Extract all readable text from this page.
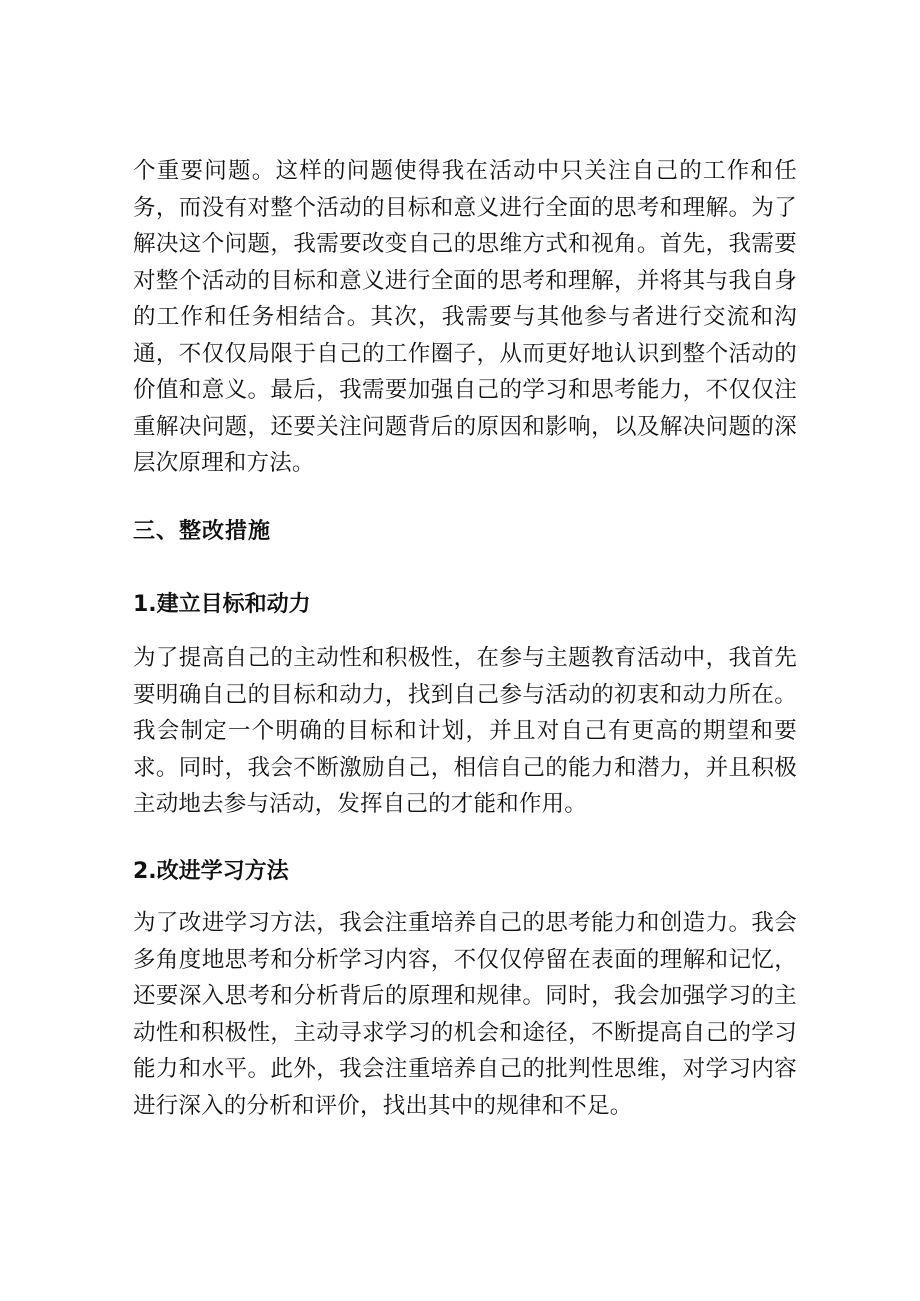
个重要问题。这样的问题使得我在活动中只关注自己的工作和任务，而没有对整个活动的目标和意义进行全面的思考和理解。为了解决这个问题，我需要改变自己的思维方式和视角。首先，我需要对整个活动的目标和意义进行全面的思考和理解，并将其与我自身的工作和任务相结合。其次，我需要与其他参与者进行交流和沟通，不仅仅局限于自己的工作圈子，从而更好地认识到整个活动的价值和意义。最后，我需要加强自己的学习和思考能力，不仅仅注重解决问题，还要关注问题背后的原因和影响，以及解决问题的深层次原理和方法。

三、整改措施
1.建立目标和动力

为了提高自己的主动性和积极性，在参与主题教育活动中，我首先要明确自己的目标和动力，找到自己参与活动的初衷和动力所在。我会制定一个明确的目标和计划，并且对自己有更高的期望和要求。同时，我会不断激励自己，相信自己的能力和潜力，并且积极主动地去参与活动，发挥自己的才能和作用。

2.改进学习方法

为了改进学习方法，我会注重培养自己的思考能力和创造力。我会多角度地思考和分析学习内容，不仅仅停留在表面的理解和记忆，还要深入思考和分析背后的原理和规律。同时，我会加强学习的主动性和积极性，主动寻求学习的机会和途径，不断提高自己的学习能力和水平。此外，我会注重培养自己的批判性思维，对学习内容进行深入的分析和评价，找出其中的规律和不足。
